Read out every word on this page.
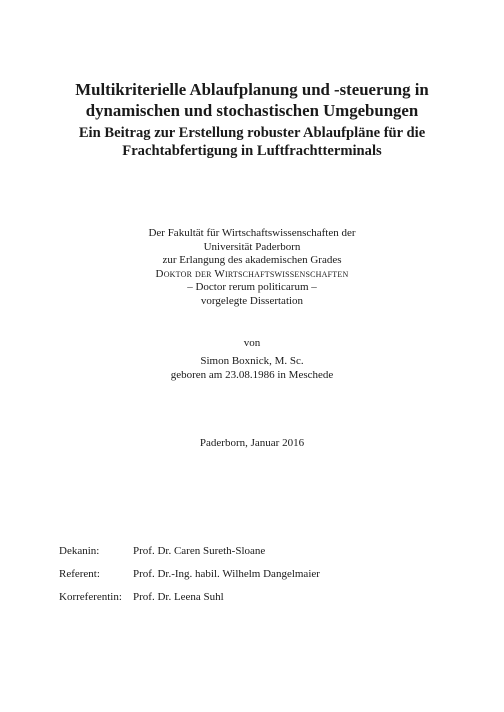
Multikriterielle Ablaufplanung und -steuerung in
dynamischen und stochastischen Umgebungen
Ein Beitrag zur Erstellung robuster Ablaufpläne für die
Frachtabfertigung in Luftfrachtterminals
Der Fakultät für Wirtschaftswissenschaften der
Universität Paderborn
zur Erlangung des akademischen Grades
Doktor der Wirtschaftswissenschaften
– Doctor rerum politicarum –
vorgelegte Dissertation
von
Simon Boxnick, M. Sc.
geboren am 23.08.1986 in Meschede
Paderborn, Januar 2016
Dekanin:	Prof. Dr. Caren Sureth-Sloane
Referent:	Prof. Dr.-Ing. habil. Wilhelm Dangelmaier
Korreferentin: Prof. Dr. Leena Suhl
